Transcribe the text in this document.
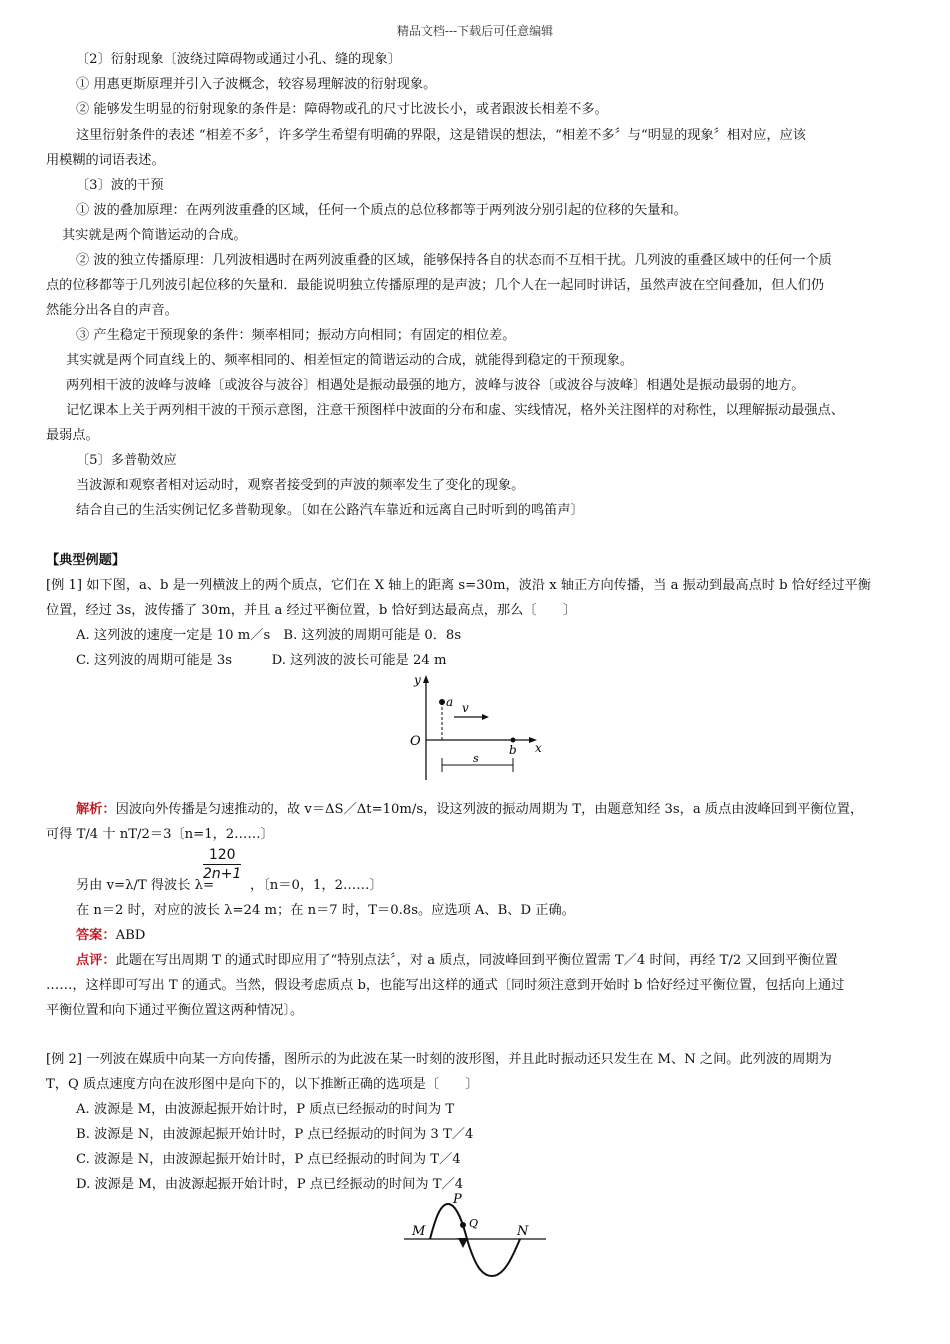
精品文档---下载后可任意编辑
〔2〕衍射现象〔波绕过障碍物或通过小孔、缝的现象〕
① 用惠更斯原理并引入子波概念，较容易理解波的衍射现象。
② 能够发生明显的衍射现象的条件是：障碍物或孔的尺寸比波长小，或者跟波长相差不多。
这里衍射条件的表述 “相差不多〞，许多学生希望有明确的界限，这是错误的想法，“相差不多〞与“明显的现象〞相对应，应该
用模糊的词语表述。
〔3〕波的干预
① 波的叠加原理：在两列波重叠的区域，任何一个质点的总位移都等于两列波分别引起的位移的矢量和。
其实就是两个简谐运动的合成。
② 波的独立传播原理：几列波相遇时在两列波重叠的区域，能够保持各自的状态而不互相干扰。几列波的重叠区域中的任何一个质
点的位移都等于几列波引起位移的矢量和．最能说明独立传播原理的是声波；几个人在一起同时讲话，虽然声波在空间叠加，但人们仍
然能分出各自的声音。
③ 产生稳定干预现象的条件：频率相同；振动方向相同；有固定的相位差。
其实就是两个同直线上的、频率相同的、相差恒定的简谐运动的合成，就能得到稳定的干预现象。
两列相干波的波峰与波峰〔或波谷与波谷〕相遇处是振动最强的地方，波峰与波谷〔或波谷与波峰〕相遇处是振动最弱的地方。
记忆课本上关于两列相干波的干预示意图，注意干预图样中波面的分布和虚、实线情况，格外关注图样的对称性，以理解振动最强点、
最弱点。
〔5〕多普勒效应
当波源和观察者相对运动时，观察者接受到的声波的频率发生了变化的现象。
结合自己的生活实例记忆多普勒现象。〔如在公路汽车靠近和远离自己时听到的鸣笛声〕
【典型例题】
[例 1] 如下图，a、b 是一列横波上的两个质点，它们在 X 轴上的距离 s=30m，波沿 x 轴正方向传播，当 a 振动到最高点时 b 恰好经过平衡
位置，经过 3s，波传播了 30m，并且 a 经过平衡位置，b 恰好到达最高点，那么〔　　〕
A. 这列波的速度一定是 10 m／s　B. 这列波的周期可能是 0．8s
C. 这列波的周期可能是 3s　　　D. 这列波的波长可能是 24 m
y
a v
O
b x
s
解析：因波向外传播是匀速推动的，故 v＝ΔS／Δt=10m/s，设这列波的振动周期为 T，由题意知经 3s，a 质点由波峰回到平衡位置，
可得 T/4 十 nT/2＝3〔n=1，2……〕
另由 v=λ/T 得波长 λ=
$\frac{120}{2n+1}$
，〔n＝0，1，2……〕
在 n＝2 时，对应的波长 λ=24 m；在 n＝7 时，T＝0.8s。应选项 A、B、D 正确。
答案：ABD
点评：此题在写出周期 T 的通式时即应用了“特别点法〞，对 a 质点，同波峰回到平衡位置需 T／4 时间，再经 T/2 又回到平衡位置
……，这样即可写出 T 的通式。当然，假设考虑质点 b，也能写出这样的通式〔同时须注意到开始时 b 恰好经过平衡位置，包括向上通过
平衡位置和向下通过平衡位置这两种情况〕。
[例 2] 一列波在媒质中向某一方向传播，图所示的为此波在某一时刻的波形图，并且此时振动还只发生在 M、N 之间。此列波的周期为
T，Q 质点速度方向在波形图中是向下的，以下推断正确的选项是〔　　〕
A. 波源是 M，由波源起振开始计时，P 质点已经振动的时间为 T
B. 波源是 N，由波源起振开始计时，P 点已经振动的时间为 3 T／4
C. 波源是 N，由波源起振开始计时，P 点已经振动的时间为 T／4
D. 波源是 M，由波源起振开始计时，P 点已经振动的时间为 T／4
P
Q
M	N
